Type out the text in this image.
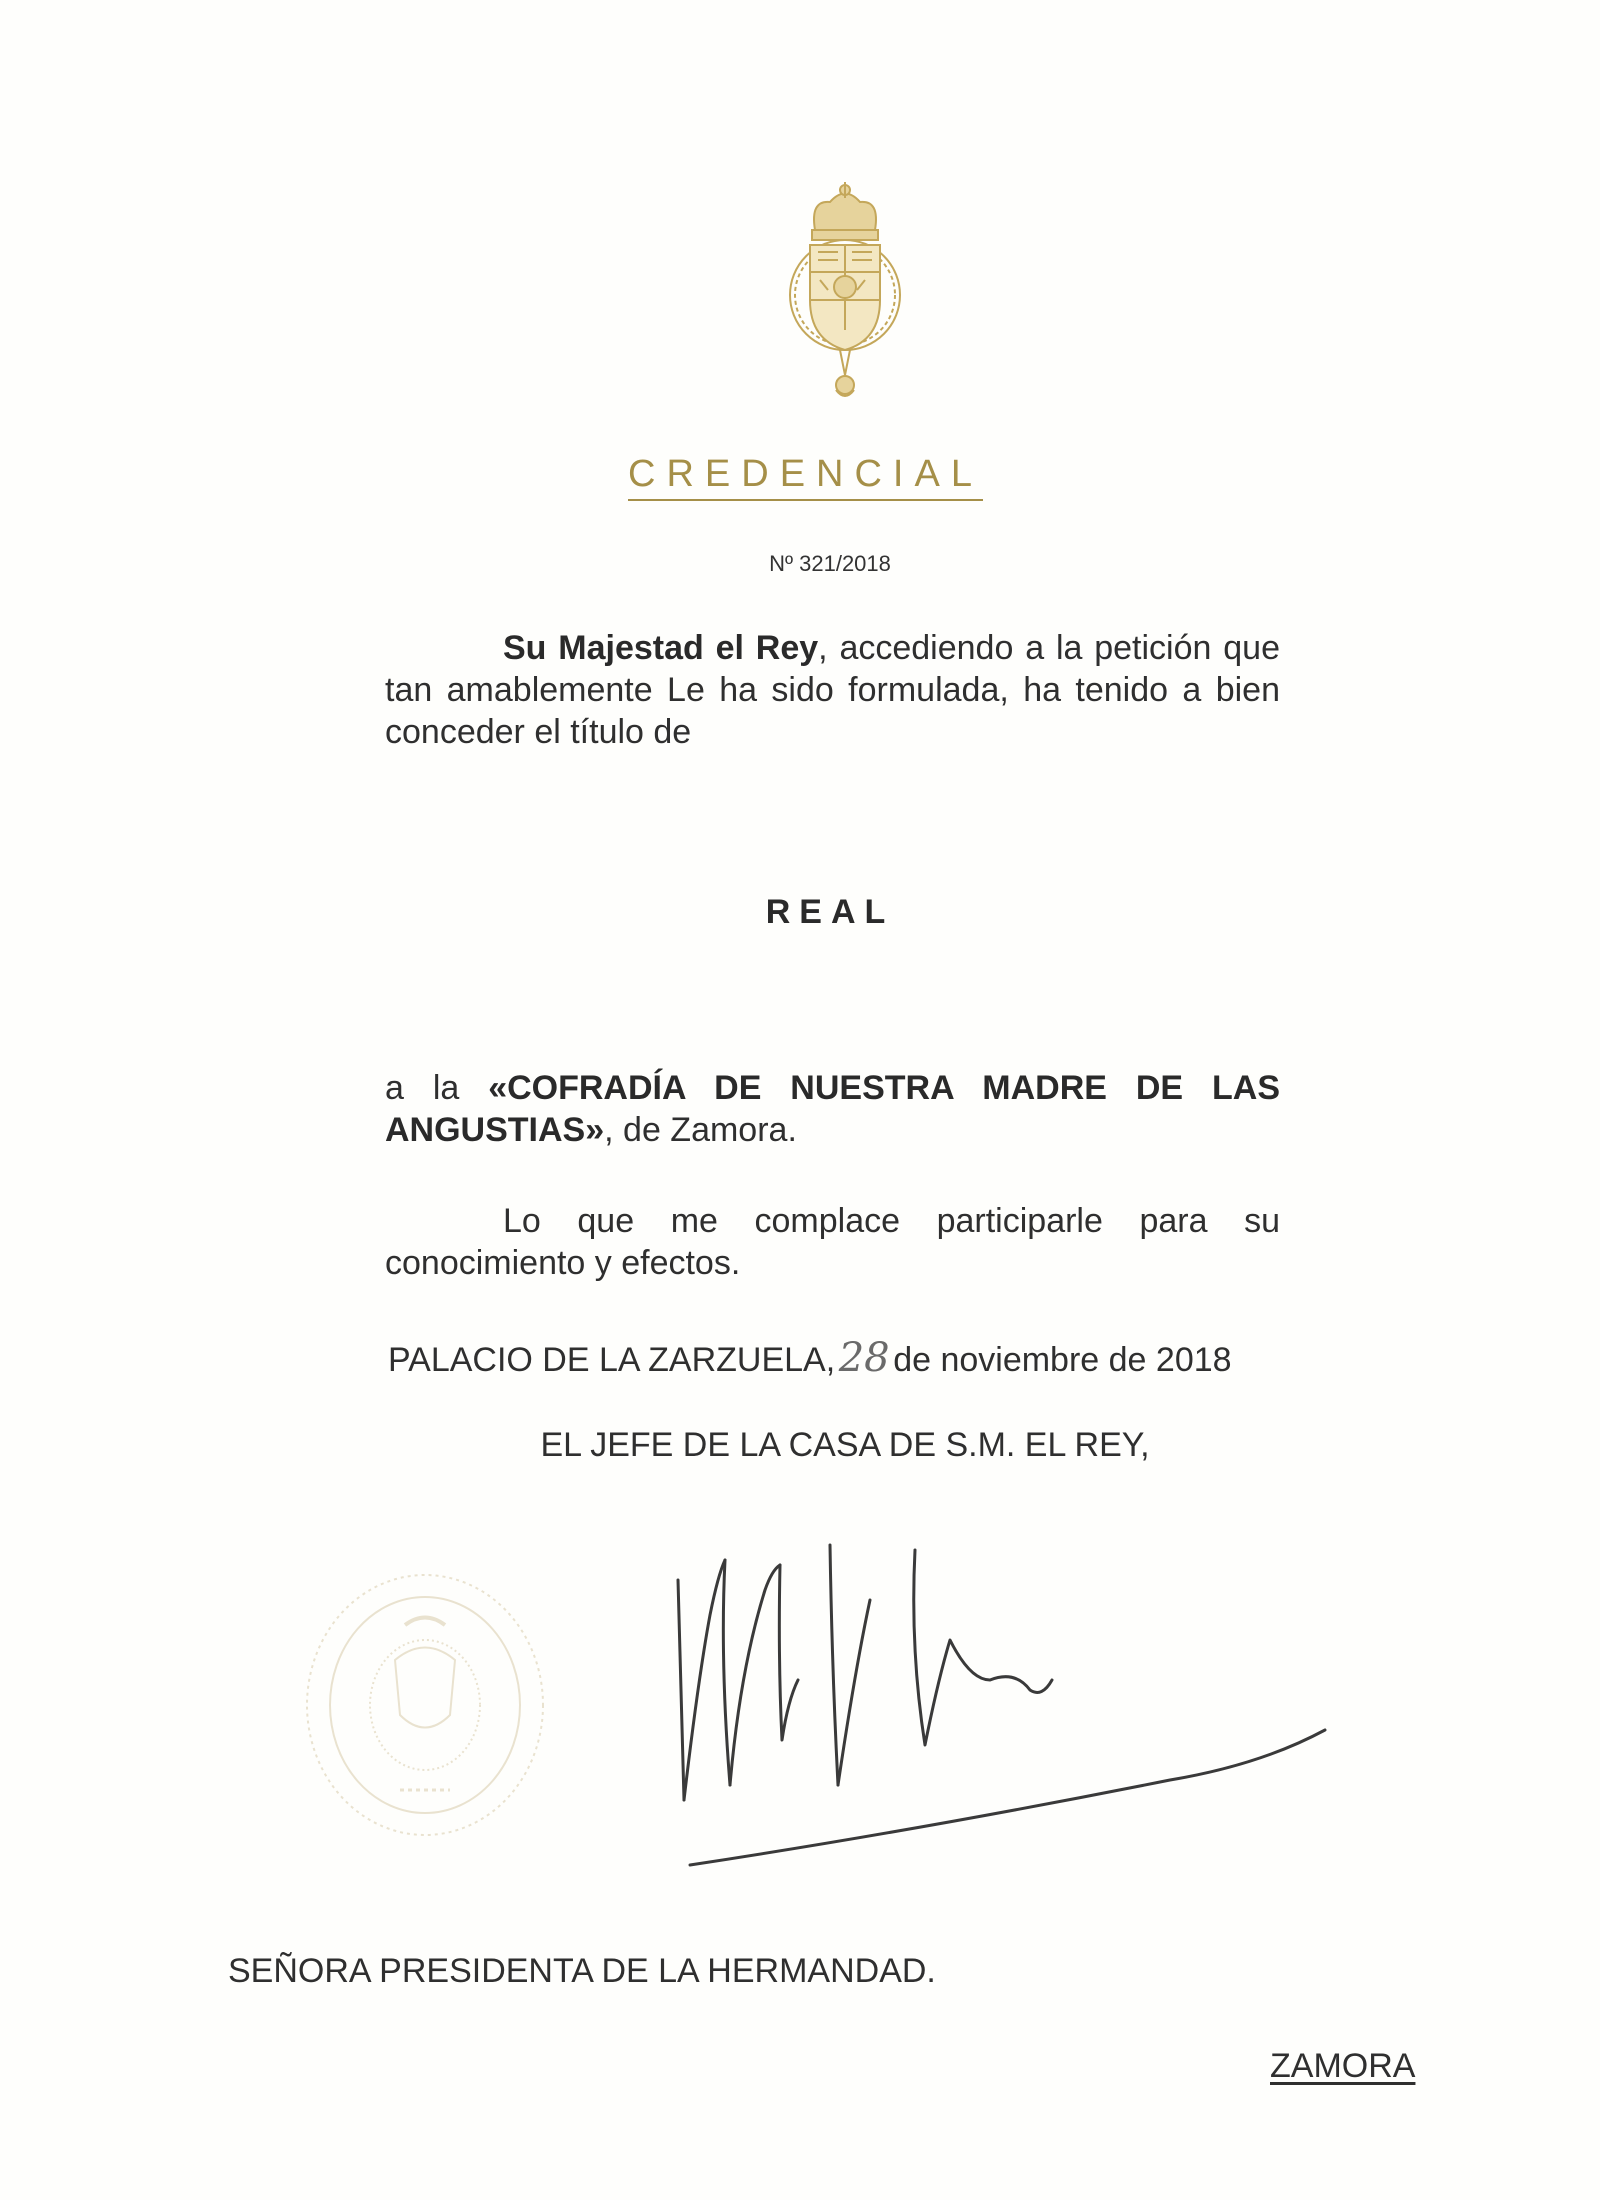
CREDENCIAL
Nº 321/2018
Su Majestad el Rey, accediendo a la petición que tan amablemente Le ha sido formulada, ha tenido a bien conceder el título de
REAL
a la «COFRADÍA DE NUESTRA MADRE DE LAS ANGUSTIAS», de Zamora.
Lo que me complace participarle para su conocimiento y efectos.
PALACIO DE LA ZARZUELA,28 de noviembre de 2018
EL JEFE DE LA CASA DE S.M. EL REY,
SEÑORA PRESIDENTA DE LA HERMANDAD.
ZAMORA
